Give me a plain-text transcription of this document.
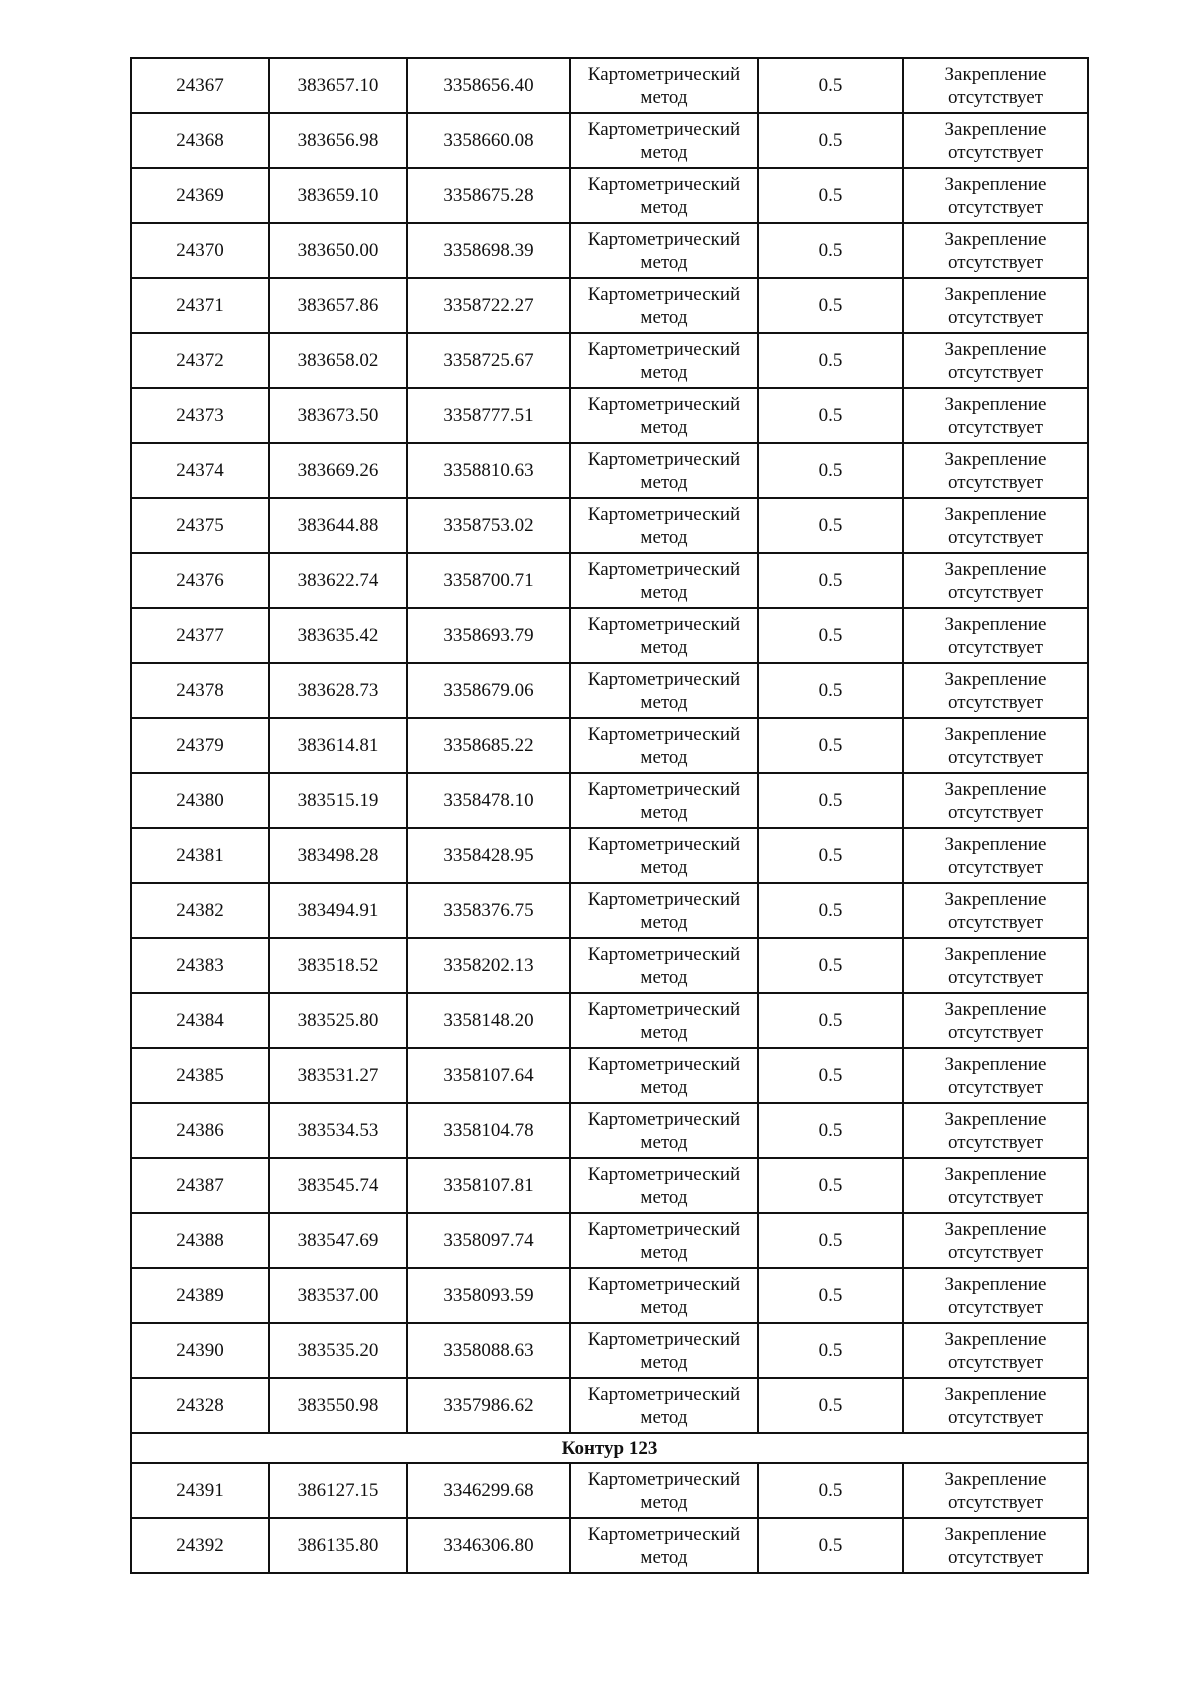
24367	383657.10	3358656.40	Картометрический
метод	0.5	Закрепление
отсутствует

24368	383656.98	3358660.08	Картометрический
метод	0.5	Закрепление
отсутствует

24369	383659.10	3358675.28	Картометрический
метод	0.5	Закрепление
отсутствует

24370	383650.00	3358698.39	Картометрический
метод	0.5	Закрепление
отсутствует

24371	383657.86	3358722.27	Картометрический
метод	0.5	Закрепление
отсутствует

24372	383658.02	3358725.67	Картометрический
метод	0.5	Закрепление
отсутствует

24373	383673.50	3358777.51	Картометрический
метод	0.5	Закрепление
отсутствует

24374	383669.26	3358810.63	Картометрический
метод	0.5	Закрепление
отсутствует

24375	383644.88	3358753.02	Картометрический
метод	0.5	Закрепление
отсутствует

24376	383622.74	3358700.71	Картометрический
метод	0.5	Закрепление
отсутствует

24377	383635.42	3358693.79	Картометрический
метод	0.5	Закрепление
отсутствует

24378	383628.73	3358679.06	Картометрический
метод	0.5	Закрепление
отсутствует

24379	383614.81	3358685.22	Картометрический
метод	0.5	Закрепление
отсутствует

24380	383515.19	3358478.10	Картометрический
метод	0.5	Закрепление
отсутствует

24381	383498.28	3358428.95	Картометрический
метод	0.5	Закрепление
отсутствует

24382	383494.91	3358376.75	Картометрический
метод	0.5	Закрепление
отсутствует

24383	383518.52	3358202.13	Картометрический
метод	0.5	Закрепление
отсутствует

24384	383525.80	3358148.20	Картометрический
метод	0.5	Закрепление
отсутствует

24385	383531.27	3358107.64	Картометрический
метод	0.5	Закрепление
отсутствует

24386	383534.53	3358104.78	Картометрический
метод	0.5	Закрепление
отсутствует

24387	383545.74	3358107.81	Картометрический
метод	0.5	Закрепление
отсутствует

24388	383547.69	3358097.74	Картометрический
метод	0.5	Закрепление
отсутствует

24389	383537.00	3358093.59	Картометрический
метод	0.5	Закрепление
отсутствует

24390	383535.20	3358088.63	Картометрический
метод	0.5	Закрепление
отсутствует

24328	383550.98	3357986.62	Картометрический
метод	0.5	Закрепление
отсутствует

Контур 123					
24391	386127.15	3346299.68	Картометрический
метод	0.5	Закрепление
отсутствует

24392	386135.80	3346306.80	Картометрический
метод	0.5	Закрепление
отсутствует
